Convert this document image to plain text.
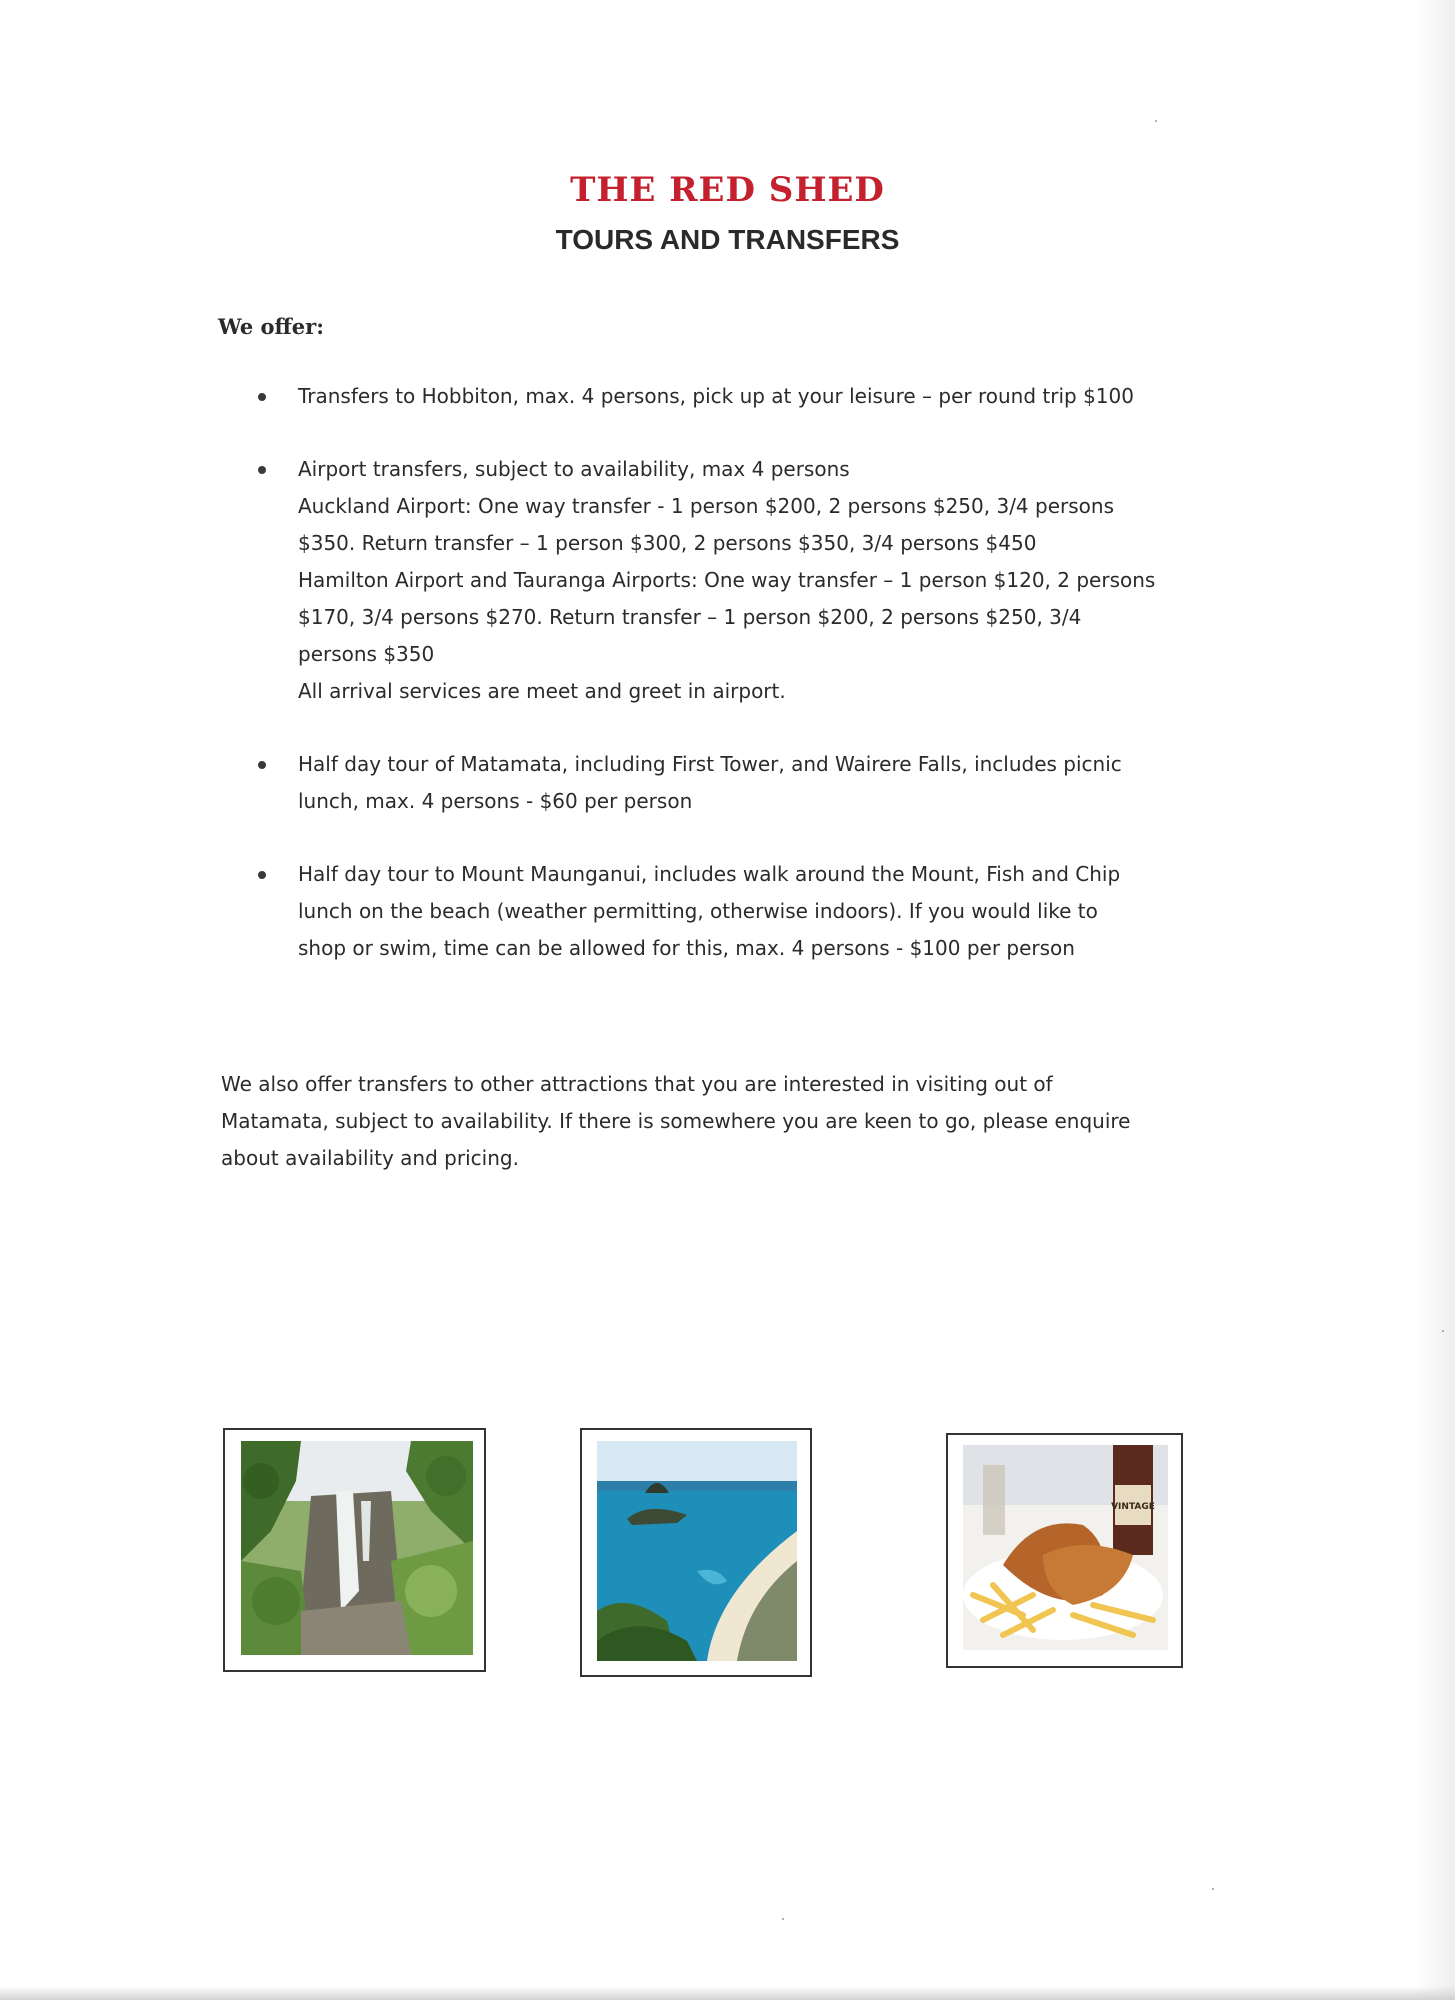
THE RED SHED
TOURS AND TRANSFERS
We offer:
Transfers to Hobbiton, max. 4 persons, pick up at your leisure – per round trip $100
Airport transfers, subject to availability, max 4 persons
Auckland Airport: One way transfer - 1 person $200, 2 persons $250, 3/4 persons
$350. Return transfer – 1 person $300, 2 persons $350, 3/4 persons $450
Hamilton Airport and Tauranga Airports: One way transfer – 1 person $120, 2 persons
$170, 3/4 persons $270. Return transfer – 1 person $200, 2 persons $250, 3/4
persons $350
All arrival services are meet and greet in airport.
Half day tour of Matamata, including First Tower, and Wairere Falls, includes picnic
lunch, max. 4 persons - $60 per person
Half day tour to Mount Maunganui, includes walk around the Mount, Fish and Chip
lunch on the beach (weather permitting, otherwise indoors). If you would like to
shop or swim, time can be allowed for this, max. 4 persons - $100 per person
We also offer transfers to other attractions that you are interested in visiting out of
Matamata, subject to availability. If there is somewhere you are keen to go, please enquire
about availability and pricing.
VINTAGE
